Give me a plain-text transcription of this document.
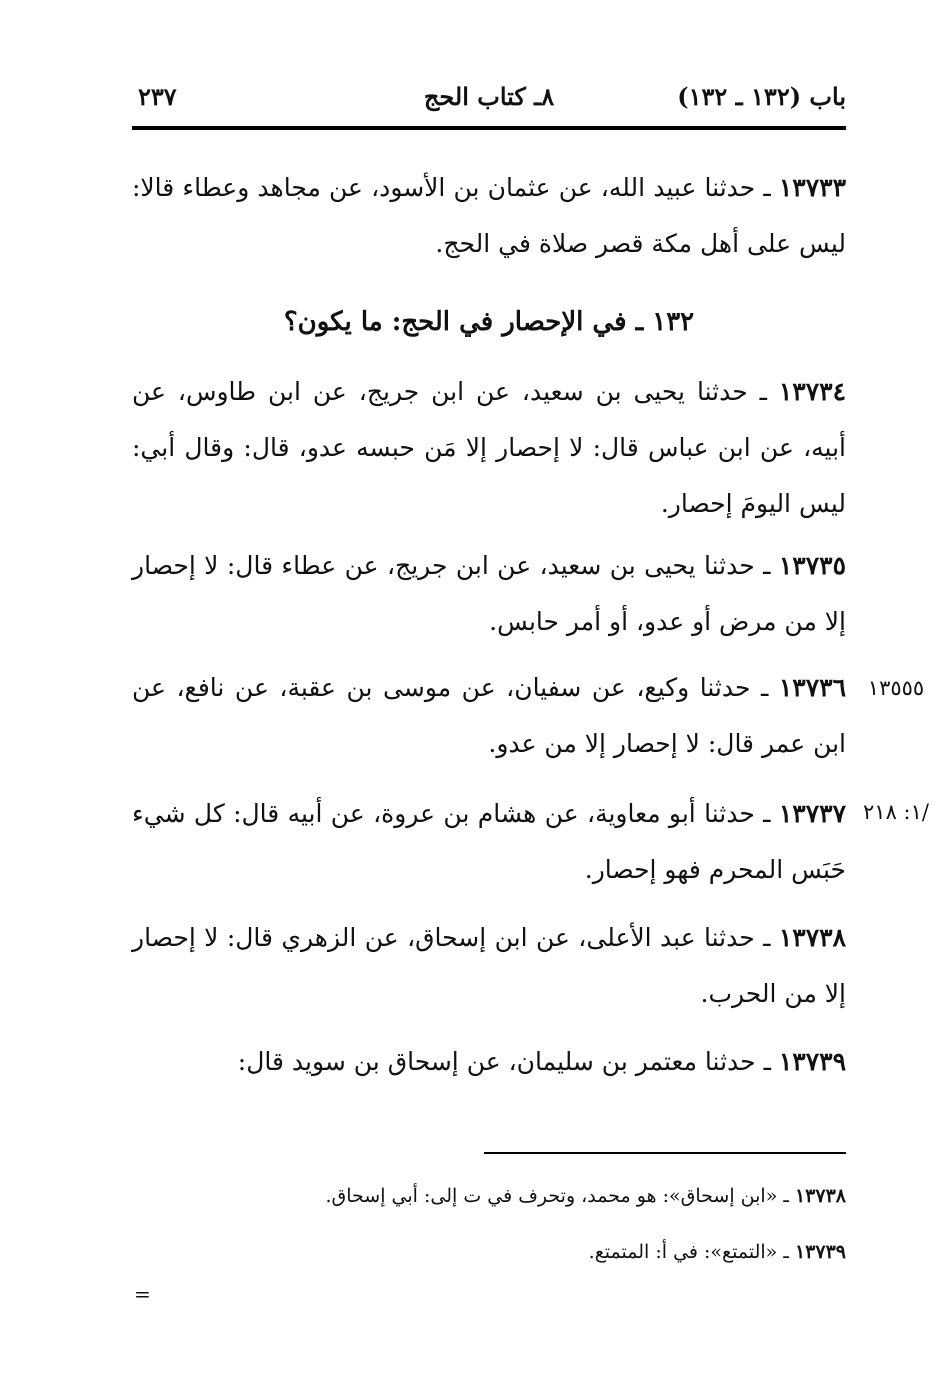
باب (١٣٢ ـ ١٣٢)
٨ـ كتاب الحج
٢٣٧
١٣٧٣٣ ـ حدثنا عبيد الله، عن عثمان بن الأسود، عن مجاهد وعطاء قالا: ليس على أهل مكة قصر صلاة في الحج.
١٣٢ ـ في الإحصار في الحج: ما يكون؟
١٣٧٣٤ ـ حدثنا يحيى بن سعيد، عن ابن جريج، عن ابن طاوس، عن أبيه، عن ابن عباس قال: لا إحصار إلا مَن حبسه عدو، قال: وقال أبي: ليس اليومَ إحصار.
١٣٧٣٥ ـ حدثنا يحيى بن سعيد، عن ابن جريج، عن عطاء قال: لا إحصار إلا من مرض أو عدو، أو أمر حابس.
١٣٧٣٦ ـ حدثنا وكيع، عن سفيان، عن موسى بن عقبة، عن نافع، عن ابن عمر قال: لا إحصار إلا من عدو.
١٣٥٥٥
١٣٧٣٧ ـ حدثنا أبو معاوية، عن هشام بن عروة، عن أبيه قال: كل شيء حَبَس المحرم فهو إحصار.
/١: ٢١٨
١٣٧٣٨ ـ حدثنا عبد الأعلى، عن ابن إسحاق، عن الزهري قال: لا إحصار إلا من الحرب.
١٣٧٣٩ ـ حدثنا معتمر بن سليمان، عن إسحاق بن سويد قال:
١٣٧٣٨ ـ «ابن إسحاق»: هو محمد، وتحرف في ت إلى: أبي إسحاق.
١٣٧٣٩ ـ «التمتع»: في أ: المتمتع.
=
